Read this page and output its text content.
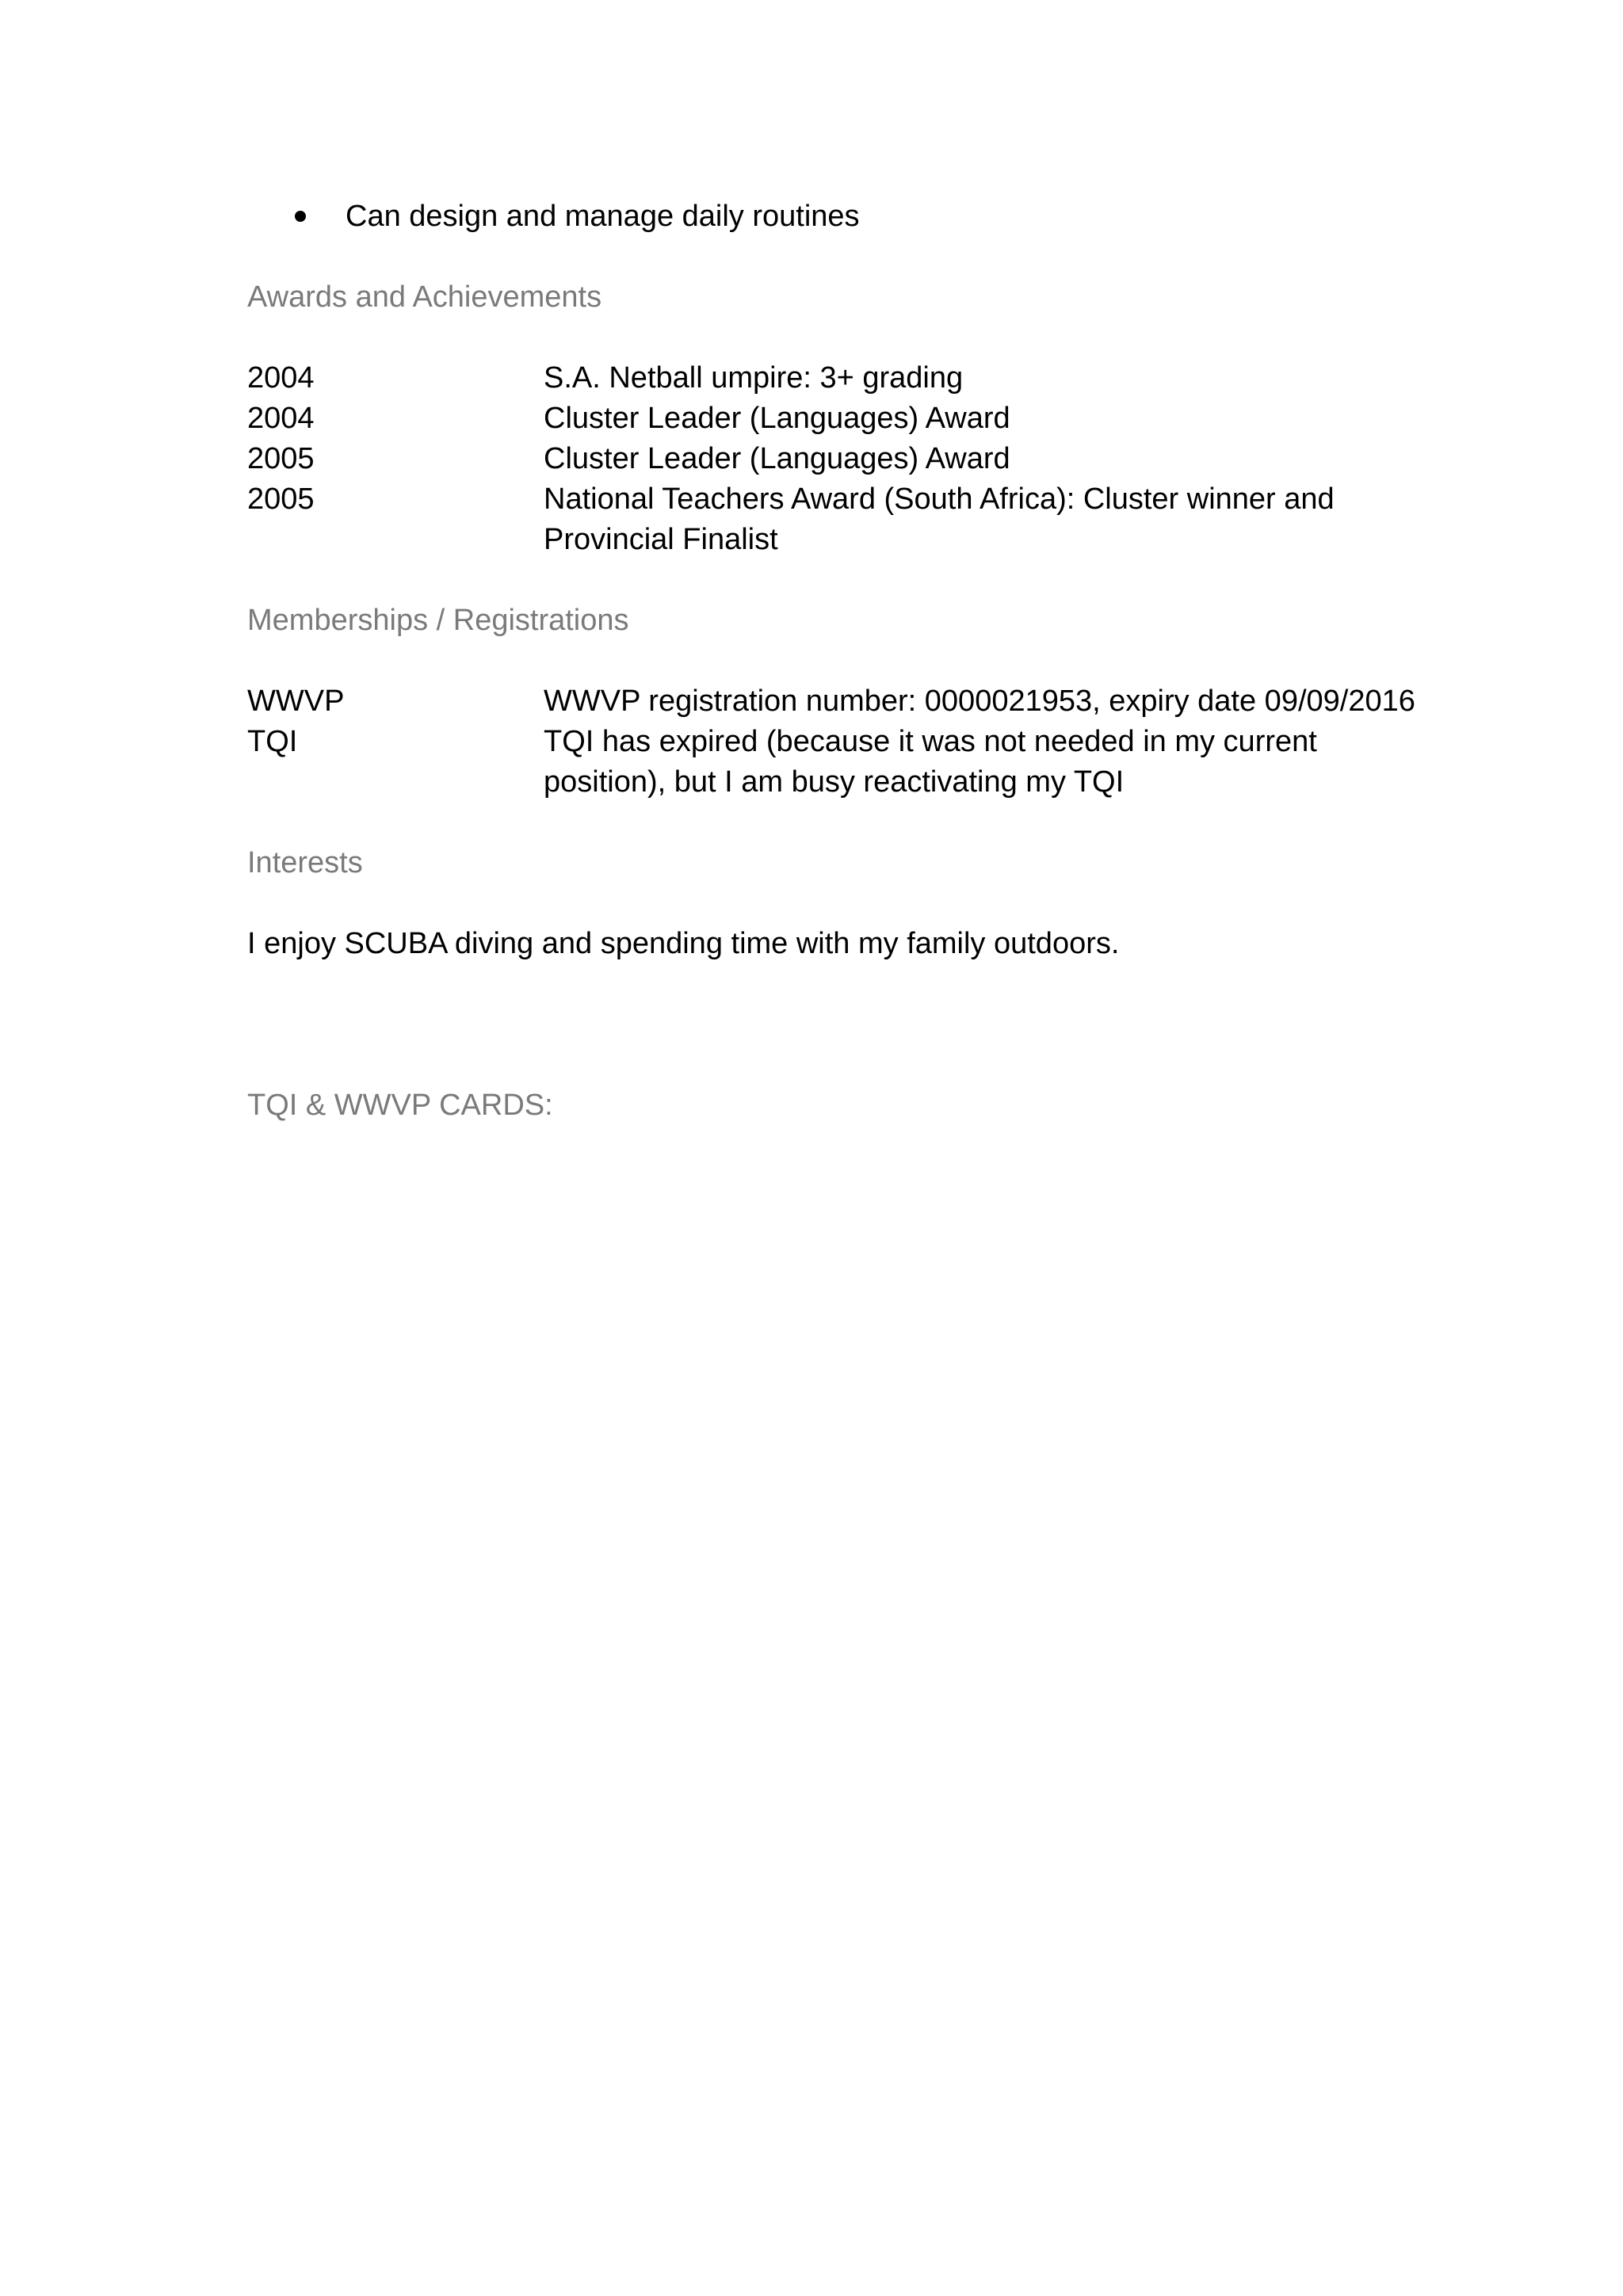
Can design and manage daily routines
Awards and Achievements
2004	S.A. Netball umpire: 3+ grading
2004	Cluster Leader (Languages) Award
2005	Cluster Leader (Languages) Award
2005	National Teachers Award (South Africa): Cluster winner and Provincial Finalist
Memberships / Registrations
WWVP	WWVP registration number: 0000021953, expiry date 09/09/2016
TQI	TQI has expired (because it was not needed in my current position), but I am busy reactivating my TQI
Interests
I enjoy SCUBA diving and spending time with my family outdoors.
TQI & WWVP CARDS:
